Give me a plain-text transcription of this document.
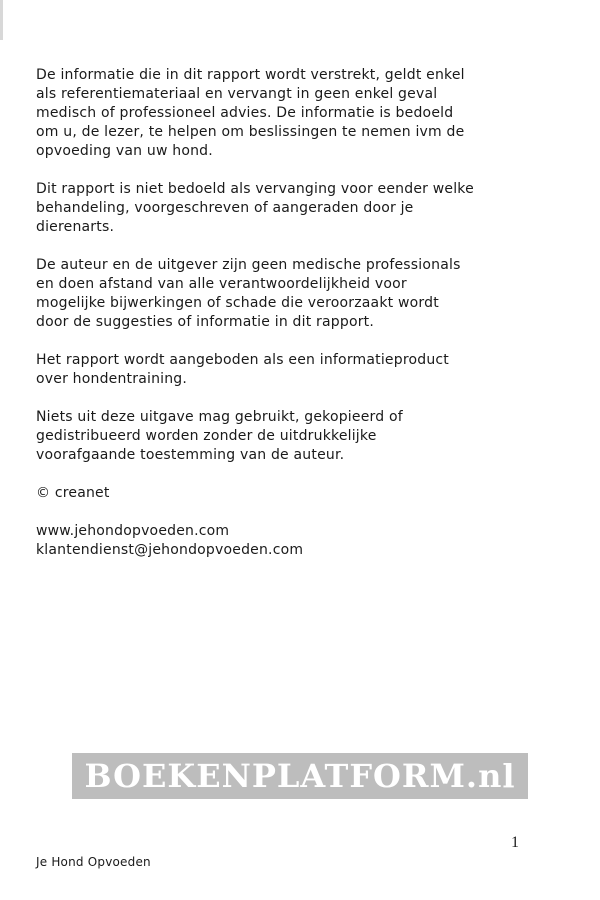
De informatie die in dit rapport wordt verstrekt, geldt enkel
als referentiemateriaal en vervangt in geen enkel geval
medisch of professioneel advies. De informatie is bedoeld
om u, de lezer, te helpen om beslissingen te nemen ivm de
opvoeding van uw hond.

Dit rapport is niet bedoeld als vervanging voor eender welke
behandeling, voorgeschreven of aangeraden door je
dierenarts.

De auteur en de uitgever zijn geen medische professionals
en doen afstand van alle verantwoordelijkheid voor
mogelijke bijwerkingen of schade die veroorzaakt wordt
door de suggesties of informatie in dit rapport.

Het rapport wordt aangeboden als een informatieproduct
over hondentraining.

Niets uit deze uitgave mag gebruikt, gekopieerd of
gedistribueerd worden zonder de uitdrukkelijke
voorafgaande toestemming van de auteur.

© creanet

www.jehondopvoeden.com

klantendienst@jehondopvoeden.com

BOEKENPLATFORM.nl
1
Je Hond Opvoeden
